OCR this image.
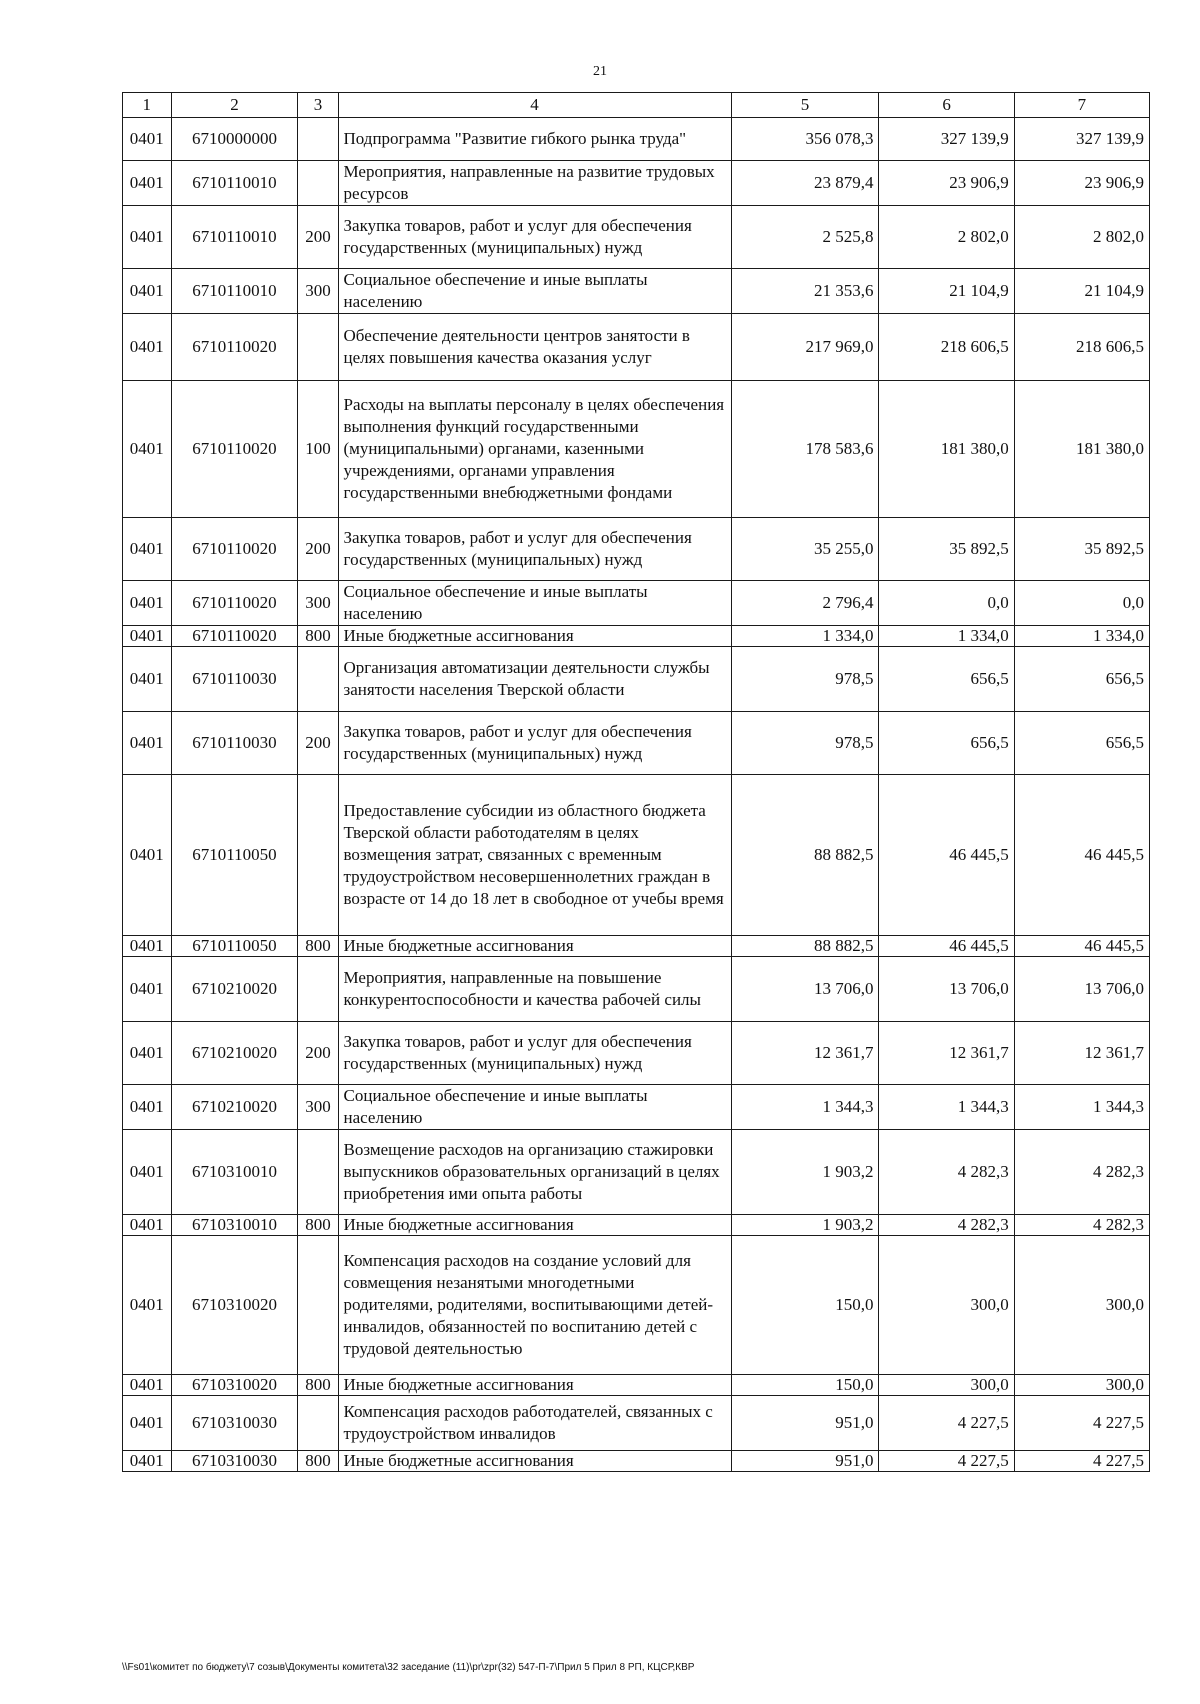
21
1	2	3	4	5	6	7
0401	6710000000		Подпрограмма "Развитие гибкого рынка труда"	356 078,3	327 139,9	327 139,9
0401	6710110010		Мероприятия, направленные на развитие трудовых ресурсов	23 879,4	23 906,9	23 906,9
0401	6710110010	200	Закупка товаров, работ и услуг для обеспечения государственных (муниципальных) нужд	2 525,8	2 802,0	2 802,0
0401	6710110010	300	Социальное обеспечение и иные выплаты населению	21 353,6	21 104,9	21 104,9
0401	6710110020		Обеспечение деятельности центров занятости в целях повышения качества оказания услуг	217 969,0	218 606,5	218 606,5
0401	6710110020	100	Расходы на выплаты персоналу в целях обеспечения выполнения функций государственными (муниципальными) органами, казенными учреждениями, органами управления государственными внебюджетными фондами	178 583,6	181 380,0	181 380,0
0401	6710110020	200	Закупка товаров, работ и услуг для обеспечения государственных (муниципальных) нужд	35 255,0	35 892,5	35 892,5
0401	6710110020	300	Социальное обеспечение и иные выплаты населению	2 796,4	0,0	0,0
0401	6710110020	800	Иные бюджетные ассигнования	1 334,0	1 334,0	1 334,0
0401	6710110030		Организация автоматизации деятельности службы занятости населения Тверской области	978,5	656,5	656,5
0401	6710110030	200	Закупка товаров, работ и услуг для обеспечения государственных (муниципальных) нужд	978,5	656,5	656,5
0401	6710110050		Предоставление субсидии из областного бюджета Тверской области работодателям в целях возмещения затрат, связанных с временным трудоустройством несовершеннолетних граждан в возрасте от 14 до 18 лет в свободное от учебы время	88 882,5	46 445,5	46 445,5
0401	6710110050	800	Иные бюджетные ассигнования	88 882,5	46 445,5	46 445,5
0401	6710210020		Мероприятия, направленные на повышение конкурентоспособности и качества рабочей силы	13 706,0	13 706,0	13 706,0
0401	6710210020	200	Закупка товаров, работ и услуг для обеспечения государственных (муниципальных) нужд	12 361,7	12 361,7	12 361,7
0401	6710210020	300	Социальное обеспечение и иные выплаты населению	1 344,3	1 344,3	1 344,3
0401	6710310010		Возмещение расходов на организацию стажировки выпускников образовательных организаций в целях приобретения ими опыта работы	1 903,2	4 282,3	4 282,3
0401	6710310010	800	Иные бюджетные ассигнования	1 903,2	4 282,3	4 282,3
0401	6710310020		Компенсация расходов на создание условий для совмещения незанятыми многодетными родителями, родителями, воспитывающими детей-инвалидов, обязанностей по воспитанию детей с трудовой деятельностью	150,0	300,0	300,0
0401	6710310020	800	Иные бюджетные ассигнования	150,0	300,0	300,0
0401	6710310030		Компенсация расходов работодателей, связанных с трудоустройством инвалидов	951,0	4 227,5	4 227,5
0401	6710310030	800	Иные бюджетные ассигнования	951,0	4 227,5	4 227,5
\\Fs01\комитет по бюджету\7 созыв\Документы комитета\32 заседание (11)\pr\zpr(32) 547-П-7\Прил 5 Прил 8 РП, КЦСР,КВР
